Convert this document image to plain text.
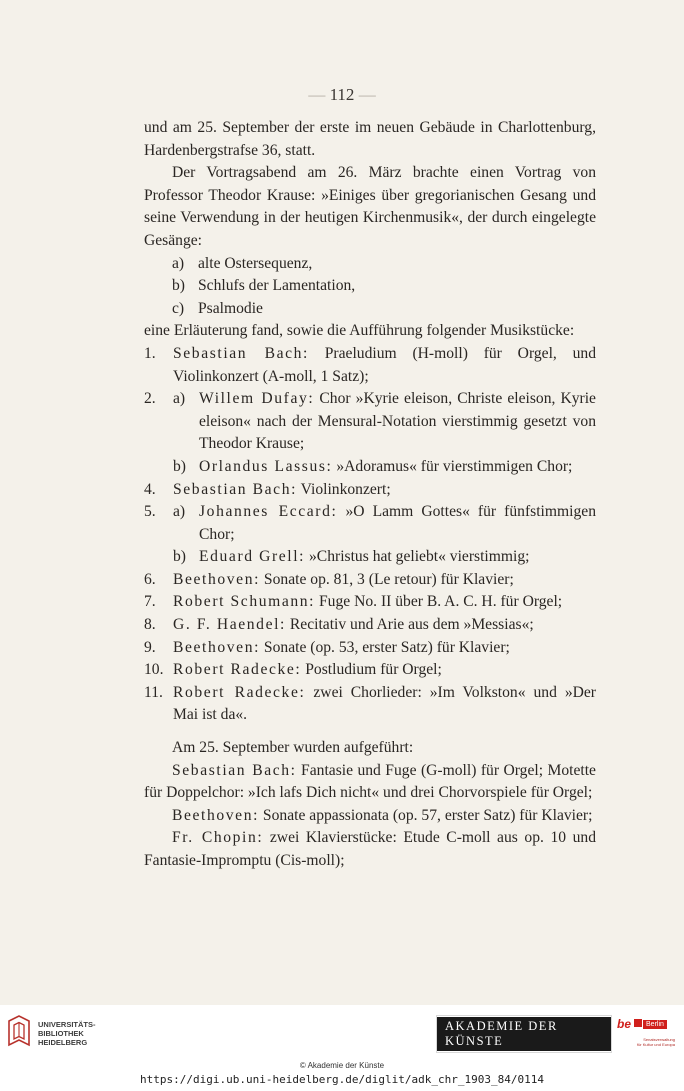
— 112 —

und am 25. September der erste im neuen Gebäude in Charlottenburg, Hardenbergstrafse 36, statt.

Der Vortragsabend am 26. März brachte einen Vortrag von Professor Theodor Krause: »Einiges über gregorianischen Gesang und seine Verwendung in der heutigen Kirchenmusik«, der durch eingelegte Gesänge:

a) alte Ostersequenz,
b) Schlufs der Lamentation,
c) Psalmodie

eine Erläuterung fand, sowie die Aufführung folgender Musikstücke:

1.	Sebastian Bach: Praeludium (H-moll) für Orgel, und Violinkonzert (A-moll, 1 Satz);
2.	a) Willem Dufay: Chor »Kyrie eleison, Christe eleison, Kyrie eleison« nach der Mensural-Notation vierstimmig gesetzt von Theodor Krause;
b) Orlandus Lassus: »Adoramus« für vierstimmigen Chor;
4.	Sebastian Bach: Violinkonzert;
5.	a) Johannes Eccard: »O Lamm Gottes« für fünfstimmigen Chor;
b) Eduard Grell: »Christus hat geliebt« vierstimmig;
6.	Beethoven: Sonate op. 81, 3 (Le retour) für Klavier;
7.	Robert Schumann: Fuge No. II über B. A. C. H. für Orgel;
8.	G. F. Haendel: Recitativ und Arie aus dem »Messias«;
9.	Beethoven: Sonate (op. 53, erster Satz) für Klavier;
10. Robert Radecke: Postludium für Orgel;
11. Robert Radecke: zwei Chorlieder: »Im Volkston« und »Der Mai ist da«.

Am 25. September wurden aufgeführt:

Sebastian Bach: Fantasie und Fuge (G-moll) für Orgel; Motette für Doppelchor: »Ich lafs Dich nicht« und drei Chorvorspiele für Orgel;

Beethoven: Sonate appassionata (op. 57, erster Satz) für Klavier;

Fr. Chopin: zwei Klavierstücke: Etude C-moll aus op. 10 und Fantasie-Impromptu (Cis-moll);

UNIVERSITÄTS-
BIBLIOTHEK
HEIDELBERG
AKADEMIE DER KÜNSTE
be	Berlin
Senatsverwaltung
für Kultur und Europa
© Akademie der Künste
https://digi.ub.uni-heidelberg.de/diglit/adk_chr_1903_84/0114
